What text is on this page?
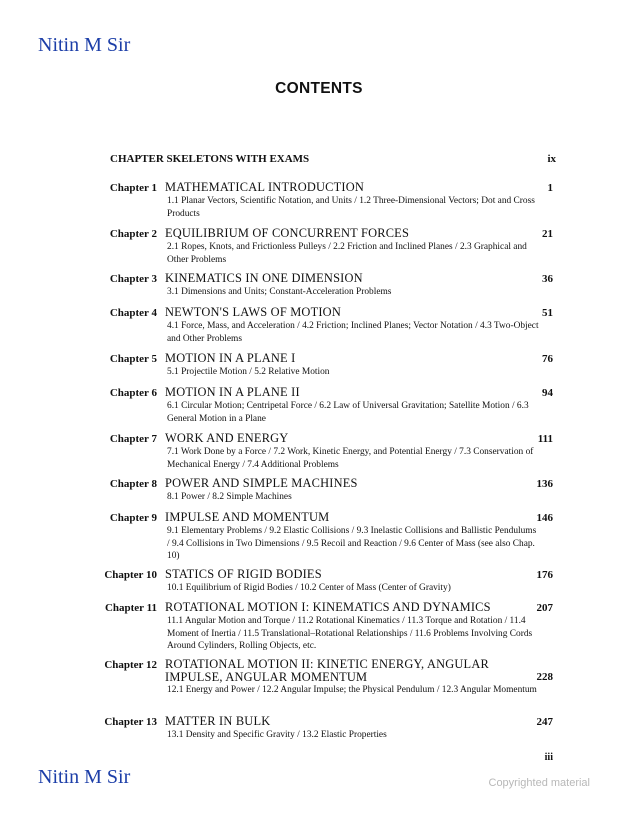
Nitin M Sir
CONTENTS
CHAPTER SKELETONS WITH EXAMS	ix
Chapter 1 MATHEMATICAL INTRODUCTION
1.1 Planar Vectors, Scientific Notation, and Units / 1.2 Three-Dimensional Vectors; Dot and Cross Products
1
Chapter 2 EQUILIBRIUM OF CONCURRENT FORCES
2.1 Ropes, Knots, and Frictionless Pulleys / 2.2 Friction and Inclined Planes / 2.3 Graphical and Other Problems
21
Chapter 3 KINEMATICS IN ONE DIMENSION
3.1 Dimensions and Units; Constant-Acceleration Problems
36
Chapter 4 NEWTON'S LAWS OF MOTION
4.1 Force, Mass, and Acceleration / 4.2 Friction; Inclined Planes; Vector Notation / 4.3 Two-Object and Other Problems
51
Chapter 5 MOTION IN A PLANE I
5.1 Projectile Motion / 5.2 Relative Motion
76
Chapter 6 MOTION IN A PLANE II
6.1 Circular Motion; Centripetal Force / 6.2 Law of Universal Gravitation; Satellite Motion / 6.3 General Motion in a Plane
94
Chapter 7 WORK AND ENERGY
7.1 Work Done by a Force / 7.2 Work, Kinetic Energy, and Potential Energy / 7.3 Conservation of Mechanical Energy / 7.4 Additional Problems
111
Chapter 8 POWER AND SIMPLE MACHINES
8.1 Power / 8.2 Simple Machines
136
Chapter 9 IMPULSE AND MOMENTUM
9.1 Elementary Problems / 9.2 Elastic Collisions / 9.3 Inelastic Collisions and Ballistic Pendulums / 9.4 Collisions in Two Dimensions / 9.5 Recoil and Reaction / 9.6 Center of Mass (see also Chap. 10)
146
Chapter 10 STATICS OF RIGID BODIES
10.1 Equilibrium of Rigid Bodies / 10.2 Center of Mass (Center of Gravity)
176
Chapter 11 ROTATIONAL MOTION I: KINEMATICS AND DYNAMICS
11.1 Angular Motion and Torque / 11.2 Rotational Kinematics / 11.3 Torque and Rotation / 11.4 Moment of Inertia / 11.5 Translational–Rotational Relationships / 11.6 Problems Involving Cords Around Cylinders, Rolling Objects, etc.
207
Chapter 12 ROTATIONAL MOTION II: KINETIC ENERGY, ANGULAR IMPULSE, ANGULAR MOMENTUM
12.1 Energy and Power / 12.2 Angular Impulse; the Physical Pendulum / 12.3 Angular Momentum
228
Chapter 13 MATTER IN BULK
13.1 Density and Specific Gravity / 13.2 Elastic Properties
247
iii
Nitin M Sir	Copyrighted material
